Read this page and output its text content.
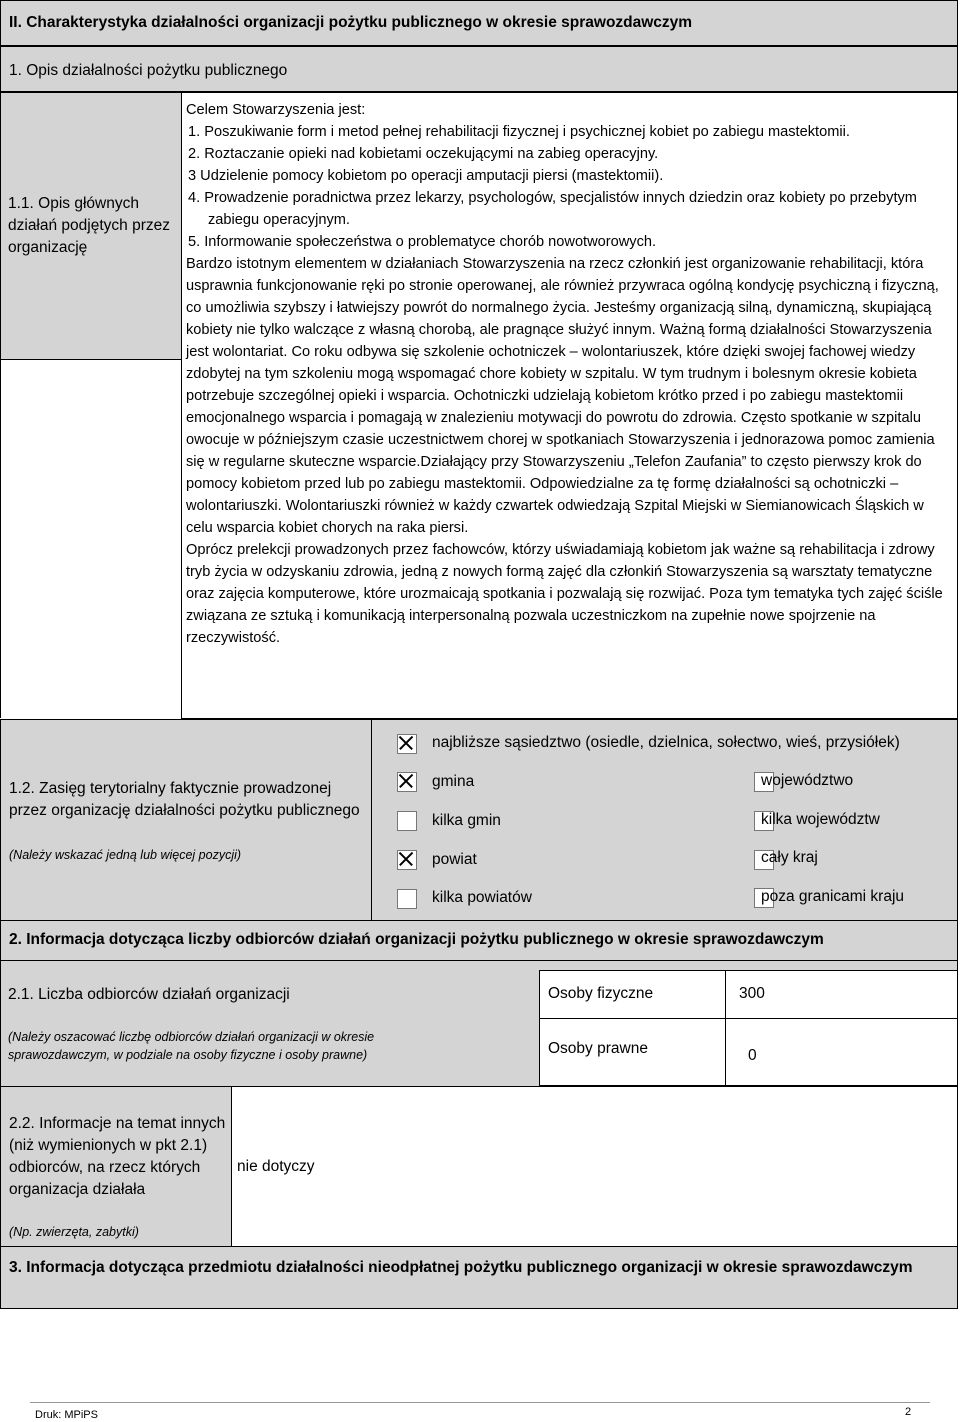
II. Charakterystyka działalności organizacji pożytku publicznego w okresie sprawozdawczym
1. Opis działalności pożytku publicznego
1.1. Opis głównych działań podjętych przez organizację
Celem Stowarzyszenia jest:
1. Poszukiwanie form i metod pełnej rehabilitacji fizycznej i psychicznej kobiet po zabiegu mastektomii.
2. Roztaczanie opieki nad kobietami oczekującymi na zabieg operacyjny.
3 Udzielenie pomocy kobietom po operacji amputacji piersi (mastektomii).
4. Prowadzenie poradnictwa przez lekarzy, psychologów, specjalistów innych dziedzin oraz kobiety po przebytym zabiegu operacyjnym.
5. Informowanie społeczeństwa o problematyce chorób nowotworowych.
Bardzo istotnym elementem w działaniach Stowarzyszenia na rzecz członkiń jest organizowanie rehabilitacji, która usprawnia funkcjonowanie ręki po stronie operowanej, ale również przywraca ogólną kondycję psychiczną i fizyczną, co umożliwia szybszy i łatwiejszy powrót do normalnego życia. Jesteśmy organizacją silną, dynamiczną, skupiającą kobiety nie tylko walczące z własną chorobą, ale pragnące służyć innym. Ważną formą działalności Stowarzyszenia jest wolontariat. Co roku odbywa się szkolenie ochotniczek – wolontariuszek, które dzięki swojej fachowej wiedzy zdobytej na tym szkoleniu mogą wspomagać chore kobiety w szpitalu. W tym trudnym i bolesnym okresie kobieta potrzebuje szczególnej opieki i wsparcia. Ochotniczki udzielają kobietom krótko przed i po zabiegu mastektomii emocjonalnego wsparcia i pomagają w znalezieniu motywacji do powrotu do zdrowia. Często spotkanie w szpitalu owocuje w późniejszym czasie uczestnictwem chorej w spotkaniach Stowarzyszenia i jednorazowa pomoc zamienia się w regularne skuteczne wsparcie.Działający przy Stowarzyszeniu „Telefon Zaufania” to często pierwszy krok do pomocy kobietom przed lub po zabiegu mastektomii. Odpowiedzialne za tę formę działalności są ochotniczki – wolontariuszki. Wolontariuszki również w każdy czwartek odwiedzają Szpital Miejski w Siemianowicach Śląskich w celu wsparcia kobiet chorych na raka piersi.
Oprócz prelekcji prowadzonych przez fachowców, którzy uświadamiają kobietom jak ważne są rehabilitacja i zdrowy tryb życia w odzyskaniu zdrowia, jedną z nowych formą zajęć dla członkiń Stowarzyszenia są warsztaty tematyczne oraz zajęcia komputerowe, które urozmaicają spotkania i pozwalają się rozwijać. Poza tym tematyka tych zajęć ściśle związana ze sztuką i komunikacją interpersonalną pozwala uczestniczkom na zupełnie nowe spojrzenie na rzeczywistość.
1.2. Zasięg terytorialny faktycznie prowadzonej przez organizację działalności pożytku publicznego
(Należy wskazać jedną lub więcej pozycji)
najbliższe sąsiedztwo (osiedle, dzielnica, sołectwo, wieś, przysiółek)
gmina	województwo
kilka gmin	kilka województw
powiat	cały kraj
kilka powiatów	poza granicami kraju
2. Informacja dotycząca liczby odbiorców działań organizacji pożytku publicznego w okresie sprawozdawczym
2.1. Liczba odbiorców działań organizacji
(Należy oszacować liczbę odbiorców działań organizacji w okresie sprawozdawczym, w podziale na osoby fizyczne i osoby prawne)
Osoby fizyczne	300
Osoby prawne	0
2.2. Informacje na temat innych (niż wymienionych w pkt 2.1) odbiorców, na rzecz których organizacja działała
(Np. zwierzęta, zabytki)
nie dotyczy
3. Informacja dotycząca przedmiotu działalności nieodpłatnej pożytku publicznego organizacji w okresie sprawozdawczym
Druk: MPiPS	2
